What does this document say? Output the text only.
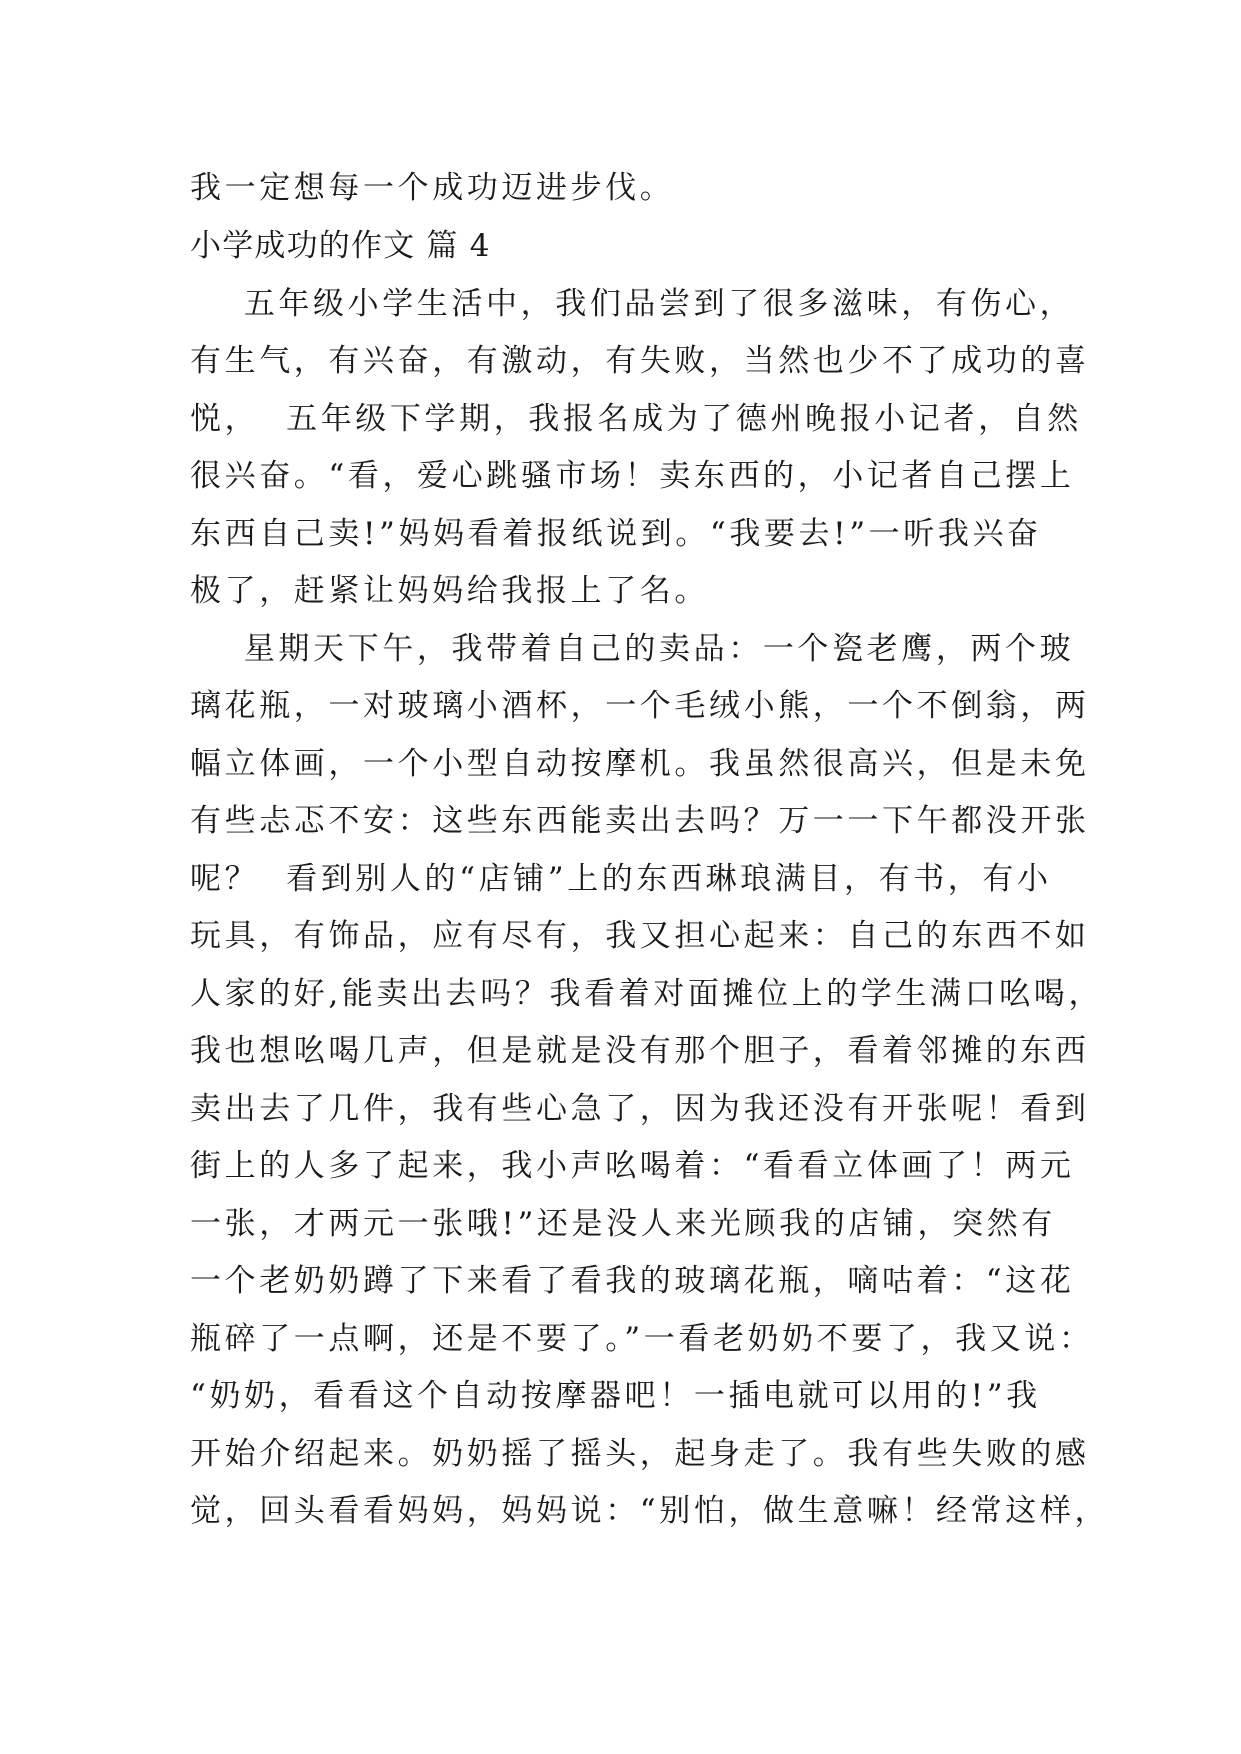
我一定想每一个成功迈进步伐。
小学成功的作文 篇 4
五年级小学生活中，我们品尝到了很多滋味，有伤心，
有生气，有兴奋，有激动，有失败，当然也少不了成功的喜
悦，  五年级下学期，我报名成为了德州晚报小记者，自然
很兴奋。“看，爱心跳骚市场！卖东西的，小记者自己摆上
东西自己卖!”妈妈看着报纸说到。“我要去!”一听我兴奋
极了，赶紧让妈妈给我报上了名。
星期天下午，我带着自己的卖品：一个瓷老鹰，两个玻
璃花瓶，一对玻璃小酒杯，一个毛绒小熊，一个不倒翁，两
幅立体画，一个小型自动按摩机。我虽然很高兴，但是未免
有些忐忑不安：这些东西能卖出去吗？万一一下午都没开张
呢？  看到别人的“店铺”上的东西琳琅满目，有书，有小
玩具，有饰品，应有尽有，我又担心起来：自己的东西不如
人家的好,能卖出去吗？我看着对面摊位上的学生满口吆喝，
我也想吆喝几声，但是就是没有那个胆子，看着邻摊的东西
卖出去了几件，我有些心急了，因为我还没有开张呢！看到
街上的人多了起来，我小声吆喝着：“看看立体画了！两元
一张，才两元一张哦!”还是没人来光顾我的店铺，突然有
一个老奶奶蹲了下来看了看我的玻璃花瓶，嘀咕着：“这花
瓶碎了一点啊，还是不要了。”一看老奶奶不要了，我又说：
“奶奶，看看这个自动按摩器吧！一插电就可以用的!”我
开始介绍起来。奶奶摇了摇头，起身走了。我有些失败的感
觉，回头看看妈妈，妈妈说：“别怕，做生意嘛！经常这样，
